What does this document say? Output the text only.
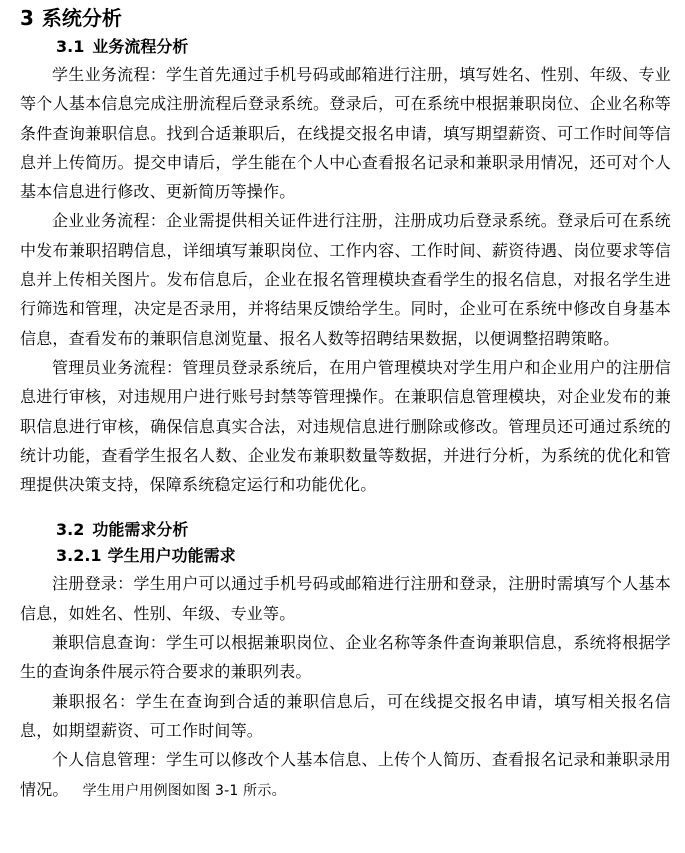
3 系统分析
3.1 业务流程分析

学生业务流程：学生首先通过手机号码或邮箱进行注册，填写姓名、性别、年级、专业等个人基本信息完成注册流程后登录系统。登录后，可在系统中根据兼职岗位、企业名称等条件查询兼职信息。找到合适兼职后，在线提交报名申请，填写期望薪资、可工作时间等信息并上传简历。提交申请后，学生能在个人中心查看报名记录和兼职录用情况，还可对个人基本信息进行修改、更新简历等操作。

企业业务流程：企业需提供相关证件进行注册，注册成功后登录系统。登录后可在系统中发布兼职招聘信息，详细填写兼职岗位、工作内容、工作时间、薪资待遇、岗位要求等信息并上传相关图片。发布信息后，企业在报名管理模块查看学生的报名信息，对报名学生进行筛选和管理，决定是否录用，并将结果反馈给学生。同时，企业可在系统中修改自身基本信息，查看发布的兼职信息浏览量、报名人数等招聘结果数据，以便调整招聘策略。

管理员业务流程：管理员登录系统后，在用户管理模块对学生用户和企业用户的注册信息进行审核，对违规用户进行账号封禁等管理操作。在兼职信息管理模块，对企业发布的兼职信息进行审核，确保信息真实合法，对违规信息进行删除或修改。管理员还可通过系统的统计功能，查看学生报名人数、企业发布兼职数量等数据，并进行分析，为系统的优化和管理提供决策支持，保障系统稳定运行和功能优化。

3.2 功能需求分析
3.2.1 学生用户功能需求

注册登录：学生用户可以通过手机号码或邮箱进行注册和登录，注册时需填写个人基本信息，如姓名、性别、年级、专业等。

兼职信息查询：学生可以根据兼职岗位、企业名称等条件查询兼职信息，系统将根据学生的查询条件展示符合要求的兼职列表。

兼职报名：学生在查询到合适的兼职信息后，可在线提交报名申请，填写相关报名信息，如期望薪资、可工作时间等。

个人信息管理：学生可以修改个人基本信息、上传个人简历、查看报名记录和兼职录用情况。 学生用户用例图如图 3-1 所示。
